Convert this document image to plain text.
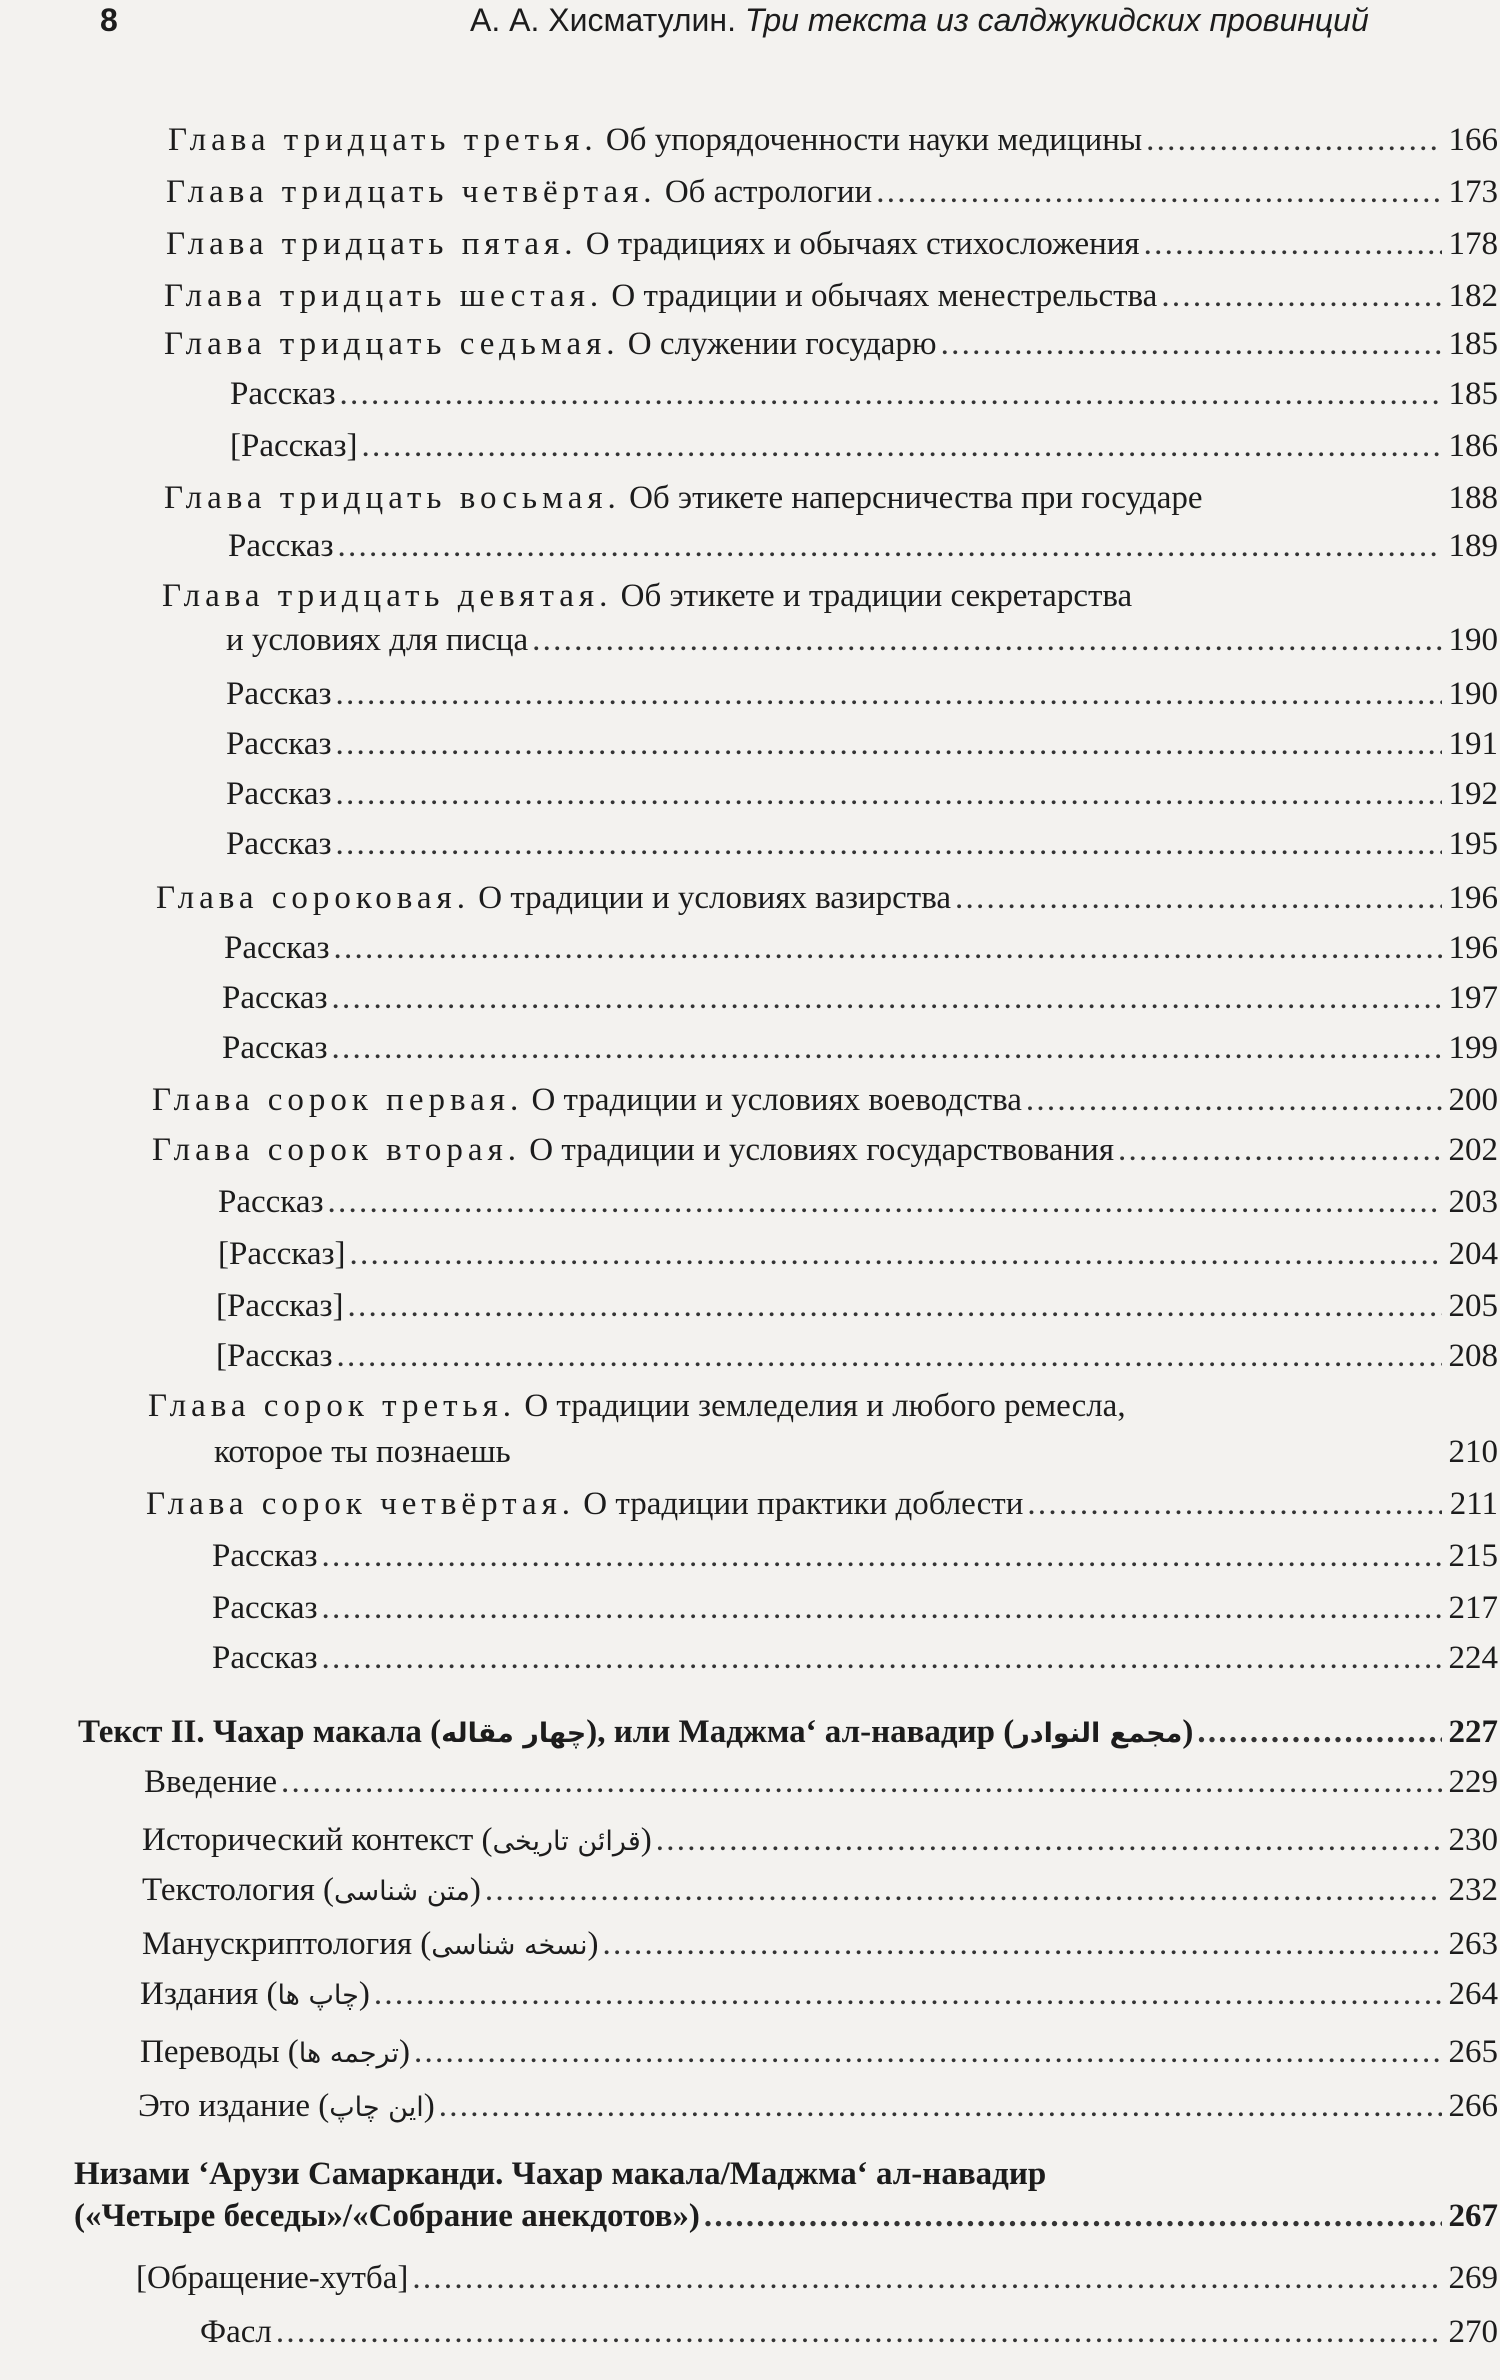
8	А. А. Хисматулин. Три текста из салджукидских провинций
Глава тридцать третья. Об упорядоченности науки медицины . . .	166
Глава тридцать четвёртая. Об астрологии . . .	173
Глава тридцать пятая. О традициях и обычаях стихосложения . . .	178
Глава тридцать шестая. О традиции и обычаях менестрельства . . .	182
Глава тридцать седьмая. О служении государю . . .	185
Рассказ . . .	185
[Рассказ] . . .	186
Глава тридцать восьмая. Об этикете наперсничества при государе	188
Рассказ . . .	189
Глава тридцать девятая. Об этикете и традиции секретарства
и условиях для писца . . .	190
Рассказ . . .	190
Рассказ . . .	191
Рассказ . . .	192
Рассказ . . .	195
Глава сороковая. О традиции и условиях вазирства . . .	196
Рассказ . . .	196
Рассказ . . .	197
Рассказ . . .	199
Глава сорок первая. О традиции и условиях воеводства . . .	200
Глава сорок вторая. О традиции и условиях государствования . . .	202
Рассказ . . .	203
[Рассказ] . . .	204
[Рассказ] . . .	205
[Рассказ . . .	208
Глава сорок третья. О традиции земледелия и любого ремесла,
которое ты познаешь	210
Глава сорок четвёртая. О традиции практики доблести . . .	211
Рассказ . . .	215
Рассказ . . .	217
Рассказ . . .	224
Текст II. Чахар макала (چهار مقاله), или Маджма‘ ал-навадир (مجمع النوادر) . . .	227
Введение . . .	229
Исторический контекст (قرائن تاریخی) . . .	230
Текстология (متن شناسی) . . .	232
Манускриптология (نسخه شناسی) . . .	263
Издания (چاپ ها) . . .	264
Переводы (ترجمه ها) . . .	265
Это издание (این چاپ) . . .	266
Низами ‘Арузи Самарканди. Чахар макала/Маджма‘ ал-навадир
(«Четыре беседы»/«Собрание анекдотов») . . .	267
[Обращение-хутба] . . .	269
Фасл . . .	270
